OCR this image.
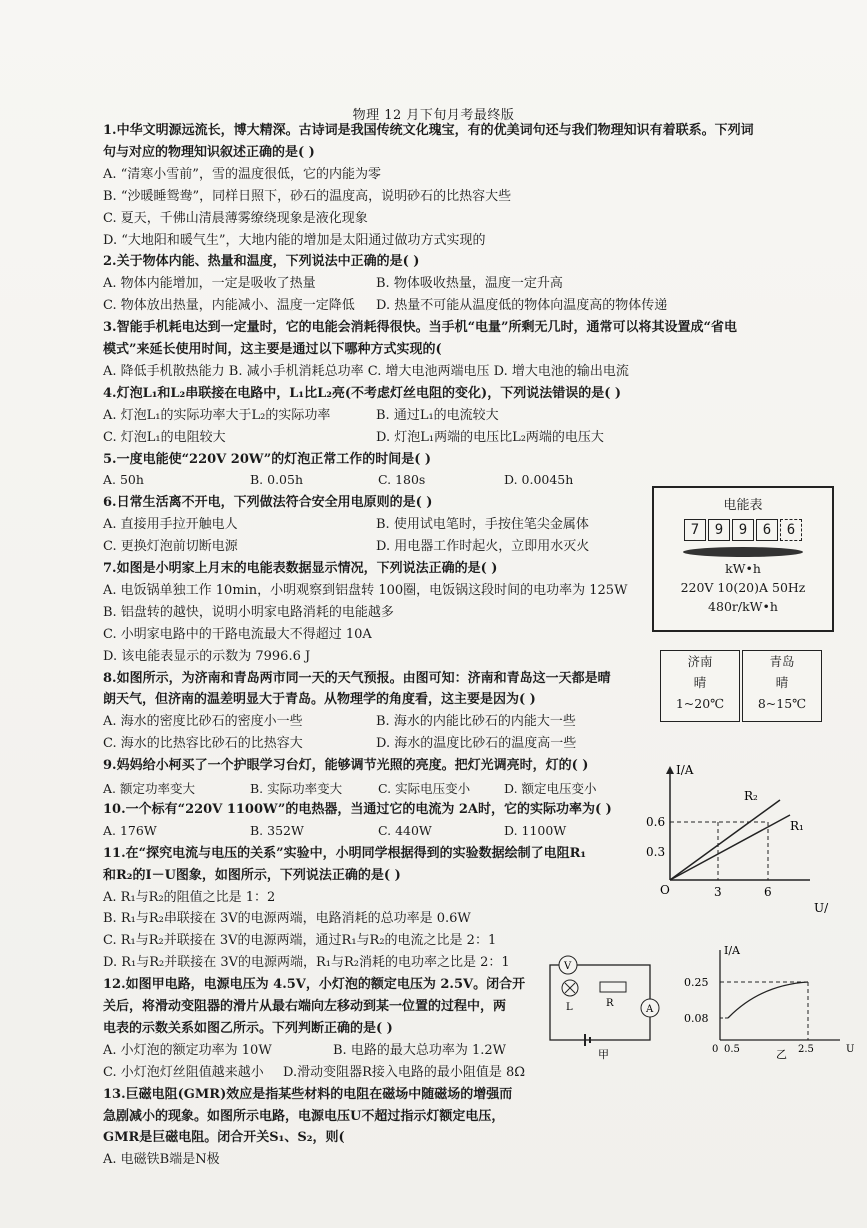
物理 12 月下旬月考最终版
1.中华文明源远流长，博大精深。古诗词是我国传统文化瑰宝，有的优美词句还与我们物理知识有着联系。下列词
句与对应的物理知识叙述正确的是( )
A. “清寒小雪前”，雪的温度很低，它的内能为零
B. “沙暖睡鸳鸯”，同样日照下，砂石的温度高，说明砂石的比热容大些
C. 夏天，千佛山清晨薄雾缭绕现象是液化现象
D. “大地阳和暖气生”，大地内能的增加是太阳通过做功方式实现的
2.关于物体内能、热量和温度，下列说法中正确的是( )
A. 物体内能增加，一定是吸收了热量	B. 物体吸收热量，温度一定升高
C. 物体放出热量，内能减小、温度一定降低 D. 热量不可能从温度低的物体向温度高的物体传递
3.智能手机耗电达到一定量时，它的电能会消耗得很快。当手机“电量”所剩无几时，通常可以将其设置成“省电
模式”来延长使用时间，这主要是通过以下哪种方式实现的(
A. 降低手机散热能力 B. 减小手机消耗总功率 C. 增大电池两端电压 D. 增大电池的输出电流
4.灯泡L₁和L₂串联接在电路中，L₁比L₂亮(不考虑灯丝电阻的变化)，下列说法错误的是( )
A. 灯泡L₁的实际功率大于L₂的实际功率	B. 通过L₁的电流较大
C. 灯泡L₁的电阻较大	D. 灯泡L₁两端的电压比L₂两端的电压大
5.一度电能使“220V 20W”的灯泡正常工作的时间是( )
A. 50h	B. 0.05h	C. 180s	D. 0.0045h
6.日常生活离不开电，下列做法符合安全用电原则的是( )
A. 直接用手拉开触电人	B. 使用试电笔时，手按住笔尖金属体
C. 更换灯泡前切断电源	D. 用电器工作时起火，立即用水灭火
7.如图是小明家上月末的电能表数据显示情况，下列说法正确的是( )
A. 电饭锅单独工作 10min，小明观察到铝盘转 100圈，电饭锅这段时间的电功率为 125W
B. 铝盘转的越快，说明小明家电路消耗的电能越多
C. 小明家电路中的干路电流最大不得超过 10A
D. 该电能表显示的示数为 7996.6 J
8.如图所示，为济南和青岛两市同一天的天气预报。由图可知：济南和青岛这一天都是晴
朗天气，但济南的温差明显大于青岛。从物理学的角度看，这主要是因为( )
A. 海水的密度比砂石的密度小一些	B. 海水的内能比砂石的内能大一些
C. 海水的比热容比砂石的比热容大	D. 海水的温度比砂石的温度高一些
9.妈妈给小柯买了一个护眼学习台灯，能够调节光照的亮度。把灯光调亮时，灯的( )
A. 额定功率变大	B. 实际功率变大	C. 实际电压变小	D. 额定电压变小
10.一个标有“220V 1100W”的电热器，当通过它的电流为 2A时，它的实际功率为( )
A. 176W	B. 352W	C. 440W	D. 1100W
11.在“探究电流与电压的关系”实验中，小明同学根据得到的实验数据绘制了电阻R₁
和R₂的I－U图象，如图所示，下列说法正确的是( )
A. R₁与R₂的阻值之比是 1：2
B. R₁与R₂串联接在 3V的电源两端，电路消耗的总功率是 0.6W
C. R₁与R₂并联接在 3V的电源两端，通过R₁与R₂的电流之比是 2：1
D. R₁与R₂并联接在 3V的电源两端，R₁与R₂消耗的电功率之比是 2：1
12.如图甲电路，电源电压为 4.5V，小灯泡的额定电压为 2.5V。闭合开
关后，将滑动变阻器的滑片从最右端向左移动到某一位置的过程中，两
电表的示数关系如图乙所示。下列判断正确的是( )
A. 小灯泡的额定功率为 10W	B. 电路的最大总功率为 1.2W
C. 小灯泡灯丝阻值越来越小 D.滑动变阻器R接入电路的最小阻值是 8Ω
13.巨磁电阻(GMR)效应是指某些材料的电阻在磁场中随磁场的增强而
急剧减小的现象。如图所示电路，电源电压U不超过指示灯额定电压，
GMR是巨磁电阻。闭合开关S₁、S₂，则(
A. 电磁铁B端是N极
电能表
7	9	9	6	6
kW•h
220V 10(20)A 50Hz
480r/kW•h
济南
晴
1~20℃
青岛
晴
8~15℃
I/A
0.6
0.3
O	3	6
R₂
R₁
U/
V
L	R
A
甲
I/A
0.25
0.08
0 0.5	2.5	U
乙
